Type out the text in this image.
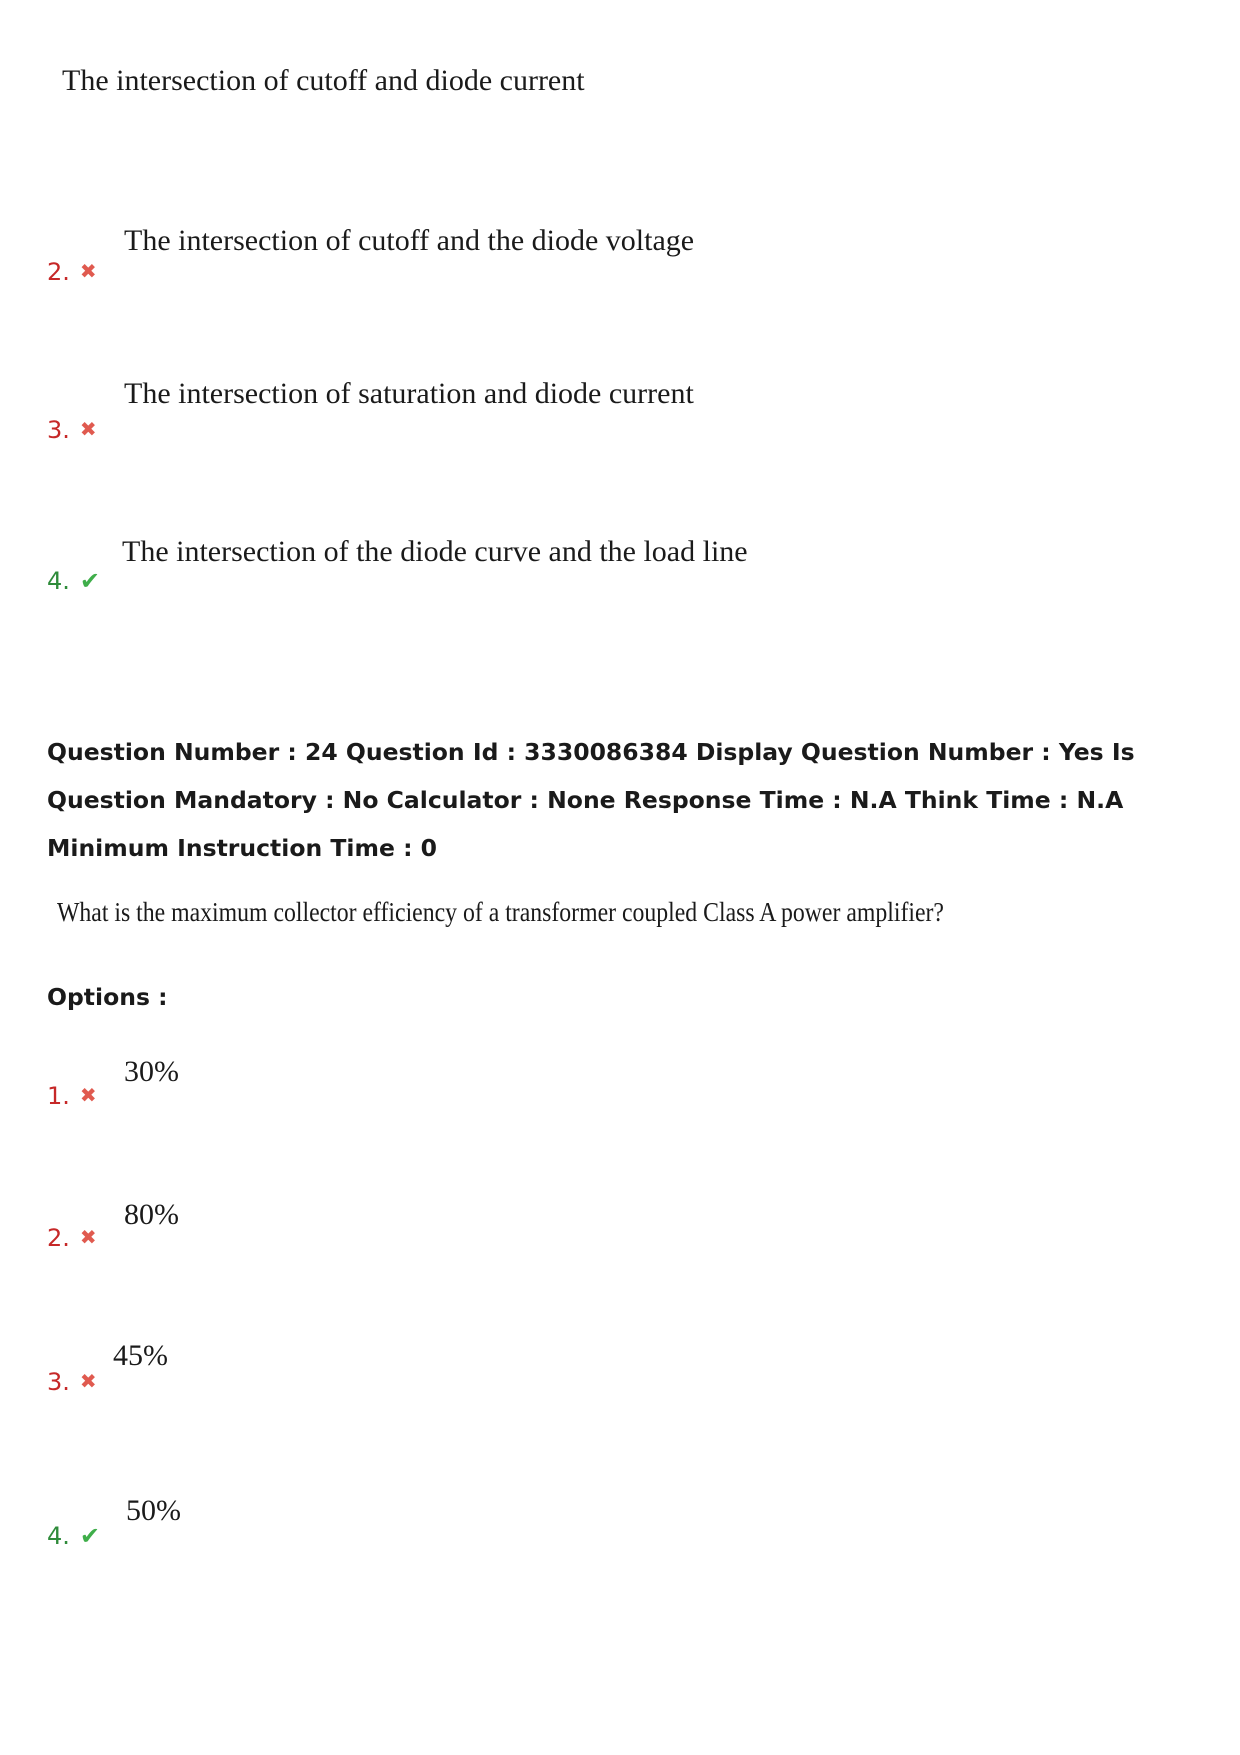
The intersection of cutoff and diode current
The intersection of cutoff and the diode voltage
2. ✖
The intersection of saturation and diode current
3. ✖
The intersection of the diode curve and the load line
4. ✔
Question Number : 24 Question Id : 3330086384 Display Question Number : Yes Is Question Mandatory : No Calculator : None Response Time : N.A Think Time : N.A Minimum Instruction Time : 0
What is the maximum collector efficiency of a transformer coupled Class A power amplifier?
Options :
30%
1. ✖
80%
2. ✖
45%
3. ✖
50%
4. ✔
